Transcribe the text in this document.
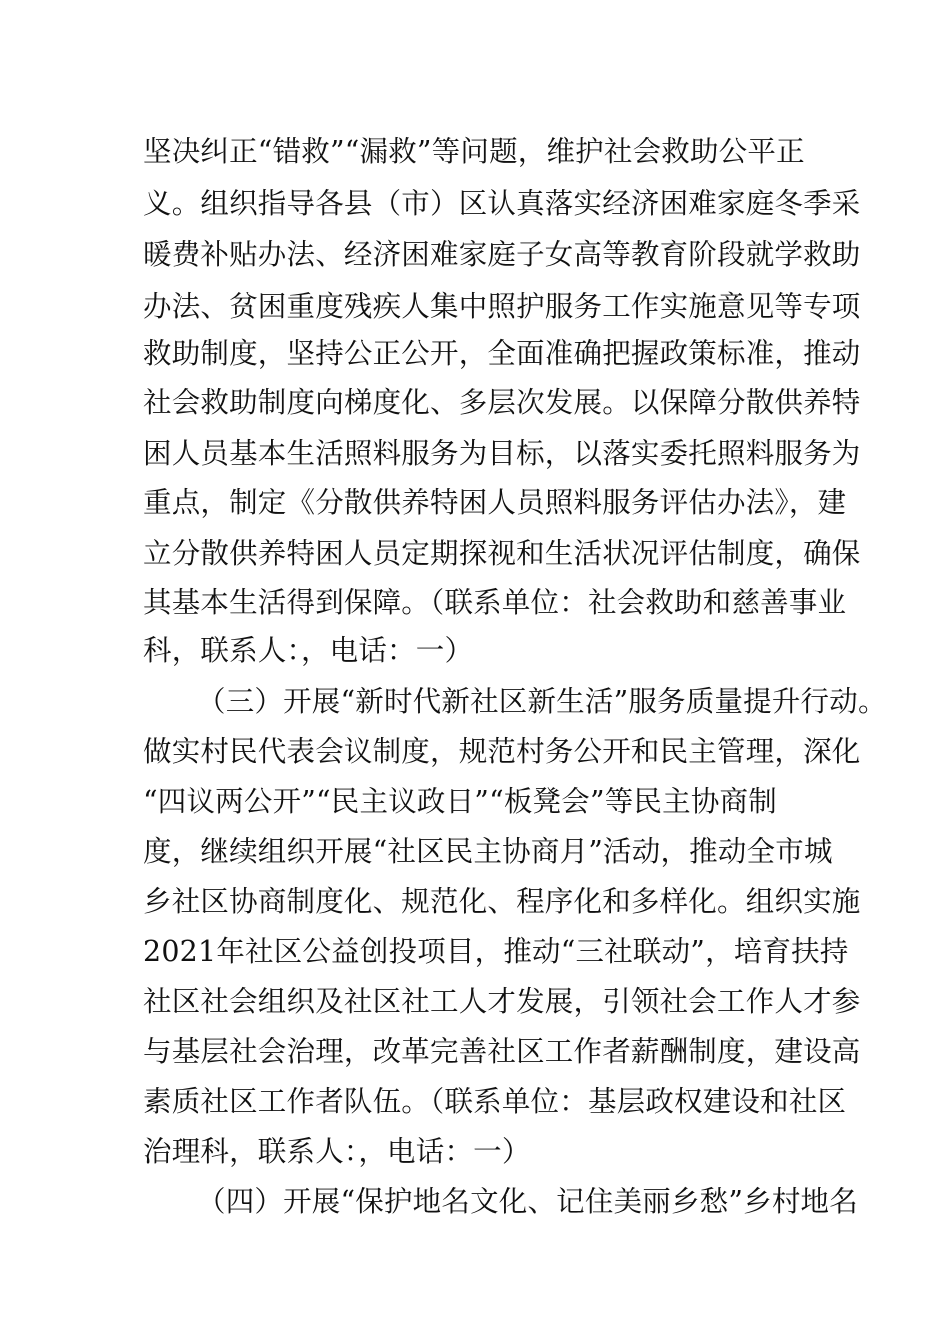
坚决纠正“错救”“漏救”等问题，维护社会救助公平正
义。组织指导各县（市）区认真落实经济困难家庭冬季采
暖费补贴办法、经济困难家庭子女高等教育阶段就学救助
办法、贫困重度残疾人集中照护服务工作实施意见等专项
救助制度，坚持公正公开，全面准确把握政策标准，推动
社会救助制度向梯度化、多层次发展。以保障分散供养特
困人员基本生活照料服务为目标，以落实委托照料服务为
重点，制定《分散供养特困人员照料服务评估办法》，建
立分散供养特困人员定期探视和生活状况评估制度，确保
其基本生活得到保障。（联系单位：社会救助和慈善事业
科，联系人：，电话：一）
（三）开展“新时代新社区新生活”服务质量提升行动。
做实村民代表会议制度，规范村务公开和民主管理，深化
“四议两公开”“民主议政日”“板凳会”等民主协商制
度，继续组织开展“社区民主协商月”活动，推动全市城
乡社区协商制度化、规范化、程序化和多样化。组织实施
2021年社区公益创投项目，推动“三社联动”，培育扶持
社区社会组织及社区社工人才发展，引领社会工作人才参
与基层社会治理，改革完善社区工作者薪酬制度，建设高
素质社区工作者队伍。（联系单位：基层政权建设和社区
治理科，联系人：，电话：一）
（四）开展“保护地名文化、记住美丽乡愁”乡村地名
